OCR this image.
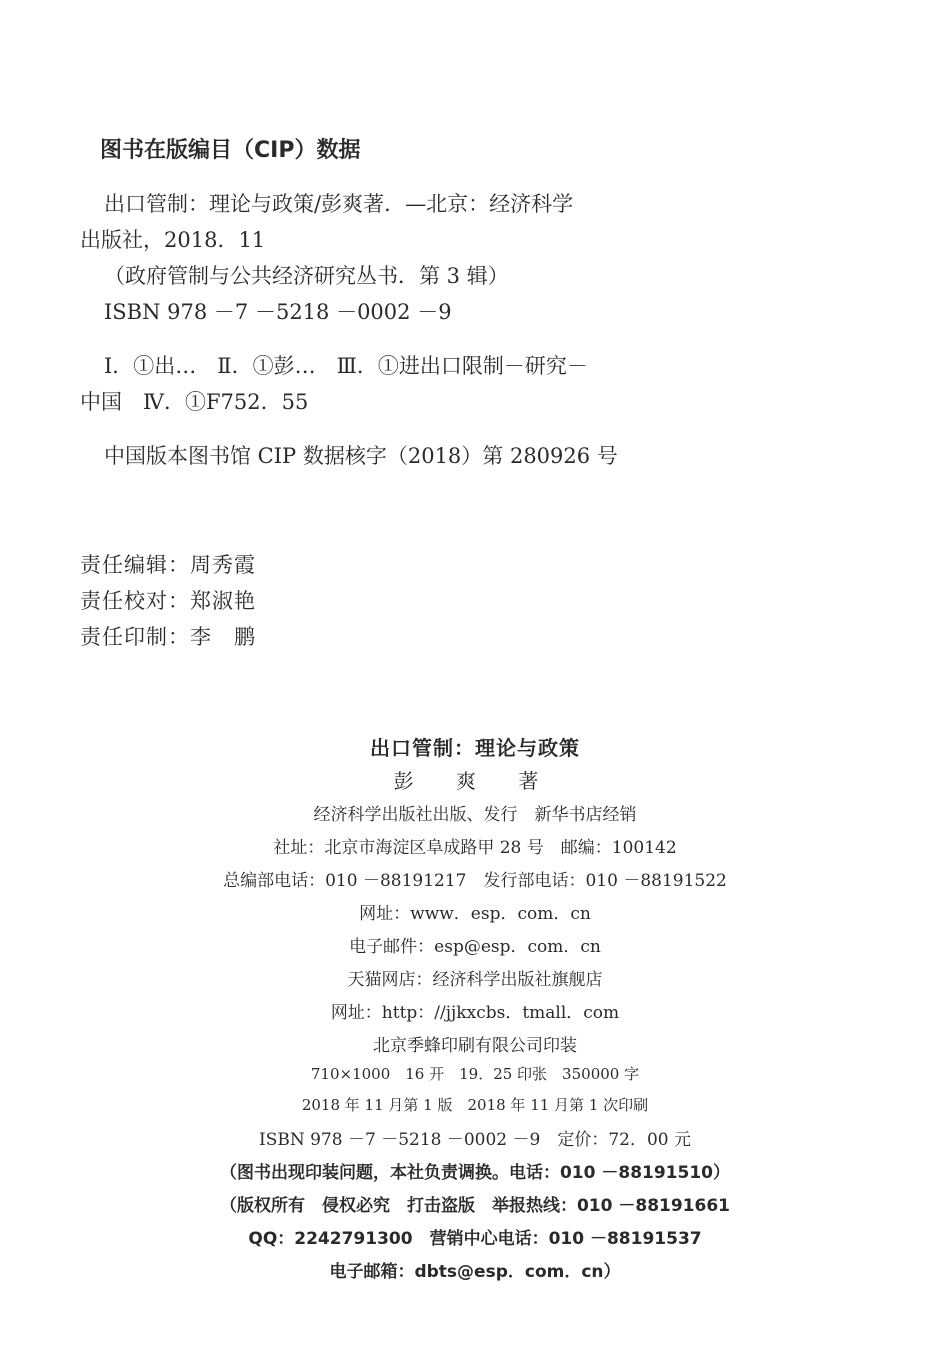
图书在版编目（CIP）数据
出口管制：理论与政策/彭爽著．—北京：经济科学
出版社，2018．11
（政府管制与公共经济研究丛书．第 3 辑）
ISBN 978 －7 －5218 －0002 －9
Ⅰ．①出…　Ⅱ．①彭…　Ⅲ．①进出口限制－研究－
中国　Ⅳ．①F752．55
中国版本图书馆 CIP 数据核字（2018）第 280926 号
责任编辑：周秀霞
责任校对：郑淑艳
责任印制：李　鹏
出口管制：理论与政策
彭 爽 著
经济科学出版社出版、发行　新华书店经销
社址：北京市海淀区阜成路甲 28 号　邮编：100142
总编部电话：010 －88191217　发行部电话：010 －88191522
网址：www．esp．com．cn
电子邮件：esp@esp．com．cn
天猫网店：经济科学出版社旗舰店
网址：http：//jjkxcbs．tmall．com
北京季蜂印刷有限公司印装
710×1000　16 开　19．25 印张　350000 字
2018 年 11 月第 1 版　2018 年 11 月第 1 次印刷
ISBN 978 －7 －5218 －0002 －9　定价：72．00 元
（图书出现印装问题，本社负责调换。电话：010 －88191510）
（版权所有　侵权必究　打击盗版　举报热线：010 －88191661
QQ：2242791300　营销中心电话：010 －88191537
电子邮箱：dbts@esp．com．cn）
